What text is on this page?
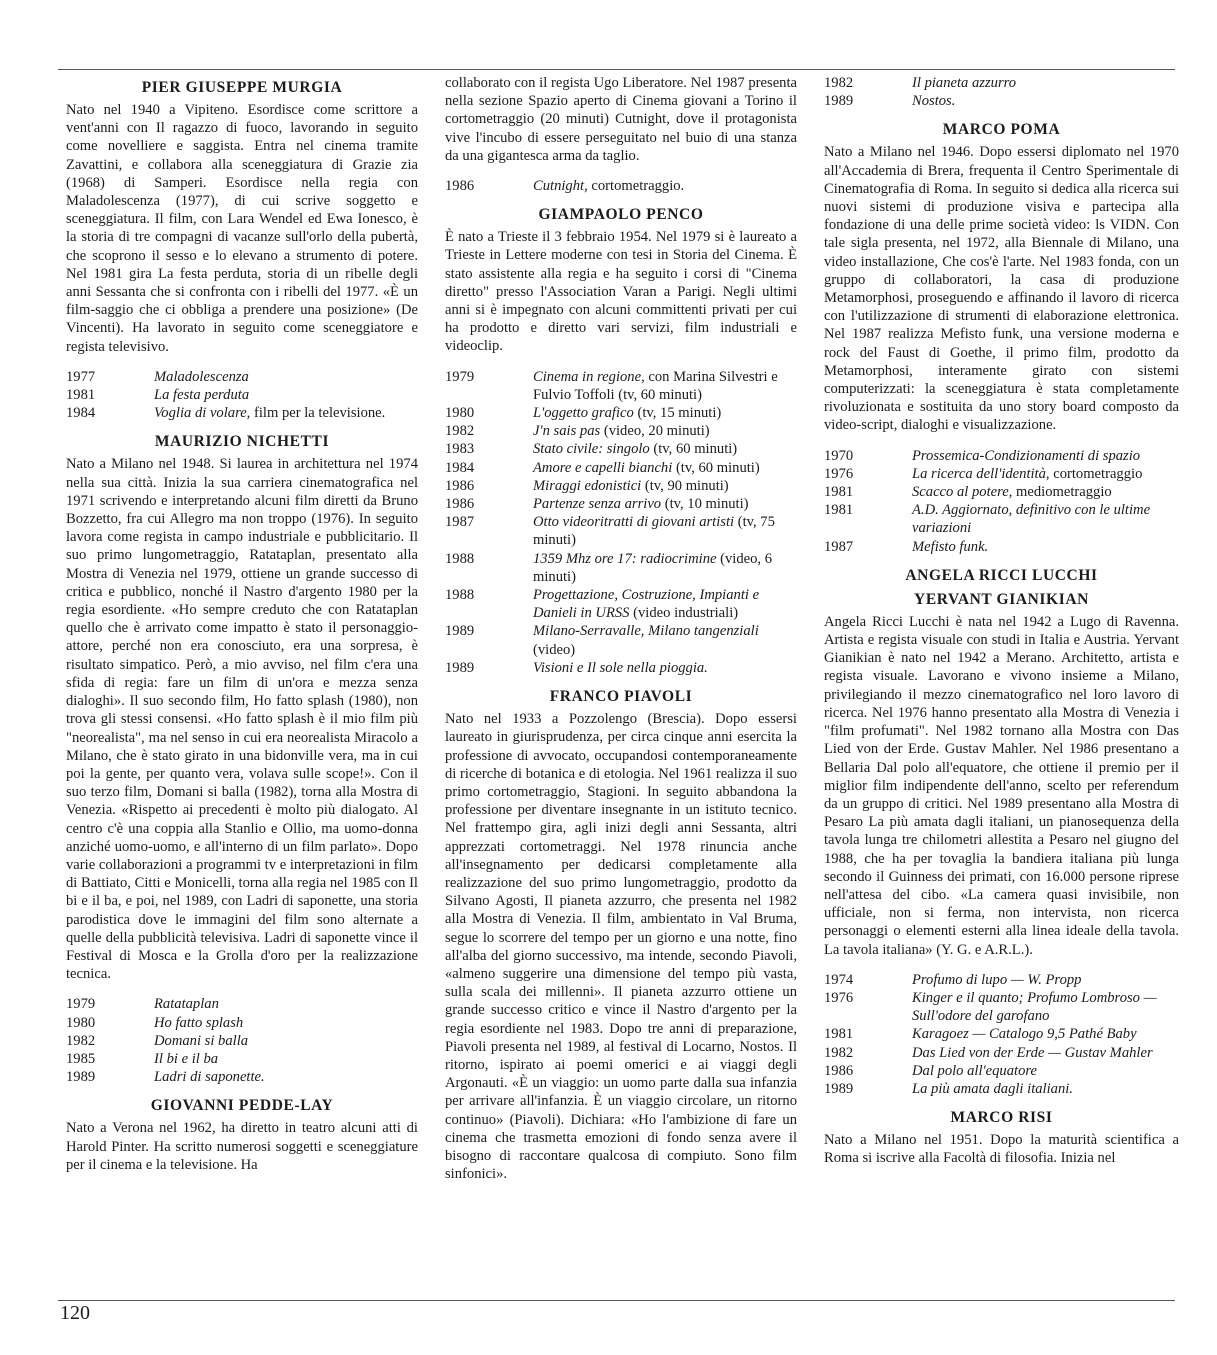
PIER GIUSEPPE MURGIA

Nato nel 1940 a Vipiteno. Esordisce come scrittore a vent'anni con Il ragazzo di fuoco, lavorando in seguito come novelliere e saggista. Entra nel cinema tramite Zavattini, e collabora alla sceneggiatura di Grazie zia (1968) di Samperi. Esordisce nella regia con Maladolescenza (1977), di cui scrive soggetto e sceneggiatura. Il film, con Lara Wendel ed Ewa Ionesco, è la storia di tre compagni di vacanze sull'orlo della pubertà, che scoprono il sesso e lo elevano a strumento di potere. Nel 1981 gira La festa perduta, storia di un ribelle degli anni Sessanta che si confronta con i ribelli del 1977. «È un film-saggio che ci obbliga a prendere una posizione» (De Vincenti). Ha lavorato in seguito come sceneggiatore e regista televisivo.

1977	Maladolescenza
1981	La festa perduta
1984	Voglia di volare, film per la televisione.
MAURIZIO NICHETTI

Nato a Milano nel 1948. Si laurea in architettura nel 1974 nella sua città. Inizia la sua carriera cinematografica nel 1971 scrivendo e interpretando alcuni film diretti da Bruno Bozzetto, fra cui Allegro ma non troppo (1976). In seguito lavora come regista in campo industriale e pubblicitario. Il suo primo lungometraggio, Ratataplan, presentato alla Mostra di Venezia nel 1979, ottiene un grande successo di critica e pubblico, nonché il Nastro d'argento 1980 per la regia esordiente. «Ho sempre creduto che con Ratataplan quello che è arrivato come impatto è stato il personaggio-attore, perché non era conosciuto, era una sorpresa, è risultato simpatico. Però, a mio avviso, nel film c'era una sfida di regia: fare un film di un'ora e mezza senza dialoghi». Il suo secondo film, Ho fatto splash (1980), non trova gli stessi consensi. «Ho fatto splash è il mio film più "neorealista", ma nel senso in cui era neorealista Miracolo a Milano, che è stato girato in una bidonville vera, ma in cui poi la gente, per quanto vera, volava sulle scope!». Con il suo terzo film, Domani si balla (1982), torna alla Mostra di Venezia. «Rispetto ai precedenti è molto più dialogato. Al centro c'è una coppia alla Stanlio e Ollio, ma uomo-donna anziché uomo-uomo, e all'interno di un film parlato». Dopo varie collaborazioni a programmi tv e interpretazioni in film di Battiato, Citti e Monicelli, torna alla regia nel 1985 con Il bi e il ba, e poi, nel 1989, con Ladri di saponette, una storia parodistica dove le immagini del film sono alternate a quelle della pubblicità televisiva. Ladri di saponette vince il Festival di Mosca e la Grolla d'oro per la realizzazione tecnica.

1979	Ratataplan
1980	Ho fatto splash
1982	Domani si balla
1985	Il bi e il ba
1989	Ladri di saponette.
GIOVANNI PEDDE-LAY

Nato a Verona nel 1962, ha diretto in teatro alcuni atti di Harold Pinter. Ha scritto numerosi soggetti e sceneggiature per il cinema e la televisione. Ha

collaborato con il regista Ugo Liberatore. Nel 1987 presenta nella sezione Spazio aperto di Cinema giovani a Torino il cortometraggio (20 minuti) Cutnight, dove il protagonista vive l'incubo di essere perseguitato nel buio di una stanza da una gigantesca arma da taglio.

1986	Cutnight, cortometraggio.
GIAMPAOLO PENCO

È nato a Trieste il 3 febbraio 1954. Nel 1979 si è laureato a Trieste in Lettere moderne con tesi in Storia del Cinema. È stato assistente alla regia e ha seguito i corsi di "Cinema diretto" presso l'Association Varan a Parigi. Negli ultimi anni si è impegnato con alcuni committenti privati per cui ha prodotto e diretto vari servizi, film industriali e videoclip.

1979	Cinema in regione, con Marina Silvestri e Fulvio Toffoli (tv, 60 minuti)
1980	L'oggetto grafico (tv, 15 minuti)
1982	J'n sais pas (video, 20 minuti)
1983	Stato civile: singolo (tv, 60 minuti)
1984	Amore e capelli bianchi (tv, 60 minuti)
1986	Miraggi edonistici (tv, 90 minuti)
1986	Partenze senza arrivo (tv, 10 minuti)
1987	Otto videoritratti di giovani artisti (tv, 75 minuti)
1988	1359 Mhz ore 17: radiocrimine (video, 6 minuti)
1988	Progettazione, Costruzione, Impianti e Danieli in URSS (video industriali)
1989	Milano-Serravalle, Milano tangenziali (video)
1989	Visioni e Il sole nella pioggia.
FRANCO PIAVOLI

Nato nel 1933 a Pozzolengo (Brescia). Dopo essersi laureato in giurisprudenza, per circa cinque anni esercita la professione di avvocato, occupandosi contemporaneamente di ricerche di botanica e di etologia. Nel 1961 realizza il suo primo cortometraggio, Stagioni. In seguito abbandona la professione per diventare insegnante in un istituto tecnico. Nel frattempo gira, agli inizi degli anni Sessanta, altri apprezzati cortometraggi. Nel 1978 rinuncia anche all'insegnamento per dedicarsi completamente alla realizzazione del suo primo lungometraggio, prodotto da Silvano Agosti, Il pianeta azzurro, che presenta nel 1982 alla Mostra di Venezia. Il film, ambientato in Val Bruma, segue lo scorrere del tempo per un giorno e una notte, fino all'alba del giorno successivo, ma intende, secondo Piavoli, «almeno suggerire una dimensione del tempo più vasta, sulla scala dei millenni». Il pianeta azzurro ottiene un grande successo critico e vince il Nastro d'argento per la regia esordiente nel 1983. Dopo tre anni di preparazione, Piavoli presenta nel 1989, al festival di Locarno, Nostos. Il ritorno, ispirato ai poemi omerici e ai viaggi degli Argonauti. «È un viaggio: un uomo parte dalla sua infanzia per arrivare all'infanzia. È un viaggio circolare, un ritorno continuo» (Piavoli). Dichiara: «Ho l'ambizione di fare un cinema che trasmetta emozioni di fondo senza avere il bisogno di raccontare qualcosa di compiuto. Sono film sinfonici».

1982	Il pianeta azzurro
1989	Nostos.
MARCO POMA

Nato a Milano nel 1946. Dopo essersi diplomato nel 1970 all'Accademia di Brera, frequenta il Centro Sperimentale di Cinematografia di Roma. In seguito si dedica alla ricerca sui nuovi sistemi di produzione visiva e partecipa alla fondazione di una delle prime società video: ls VIDN. Con tale sigla presenta, nel 1972, alla Biennale di Milano, una video installazione, Che cos'è l'arte. Nel 1983 fonda, con un gruppo di collaboratori, la casa di produzione Metamorphosi, proseguendo e affinando il lavoro di ricerca con l'utilizzazione di strumenti di elaborazione elettronica. Nel 1987 realizza Mefisto funk, una versione moderna e rock del Faust di Goethe, il primo film, prodotto da Metamorphosi, interamente girato con sistemi computerizzati: la sceneggiatura è stata completamente rivoluzionata e sostituita da uno story board composto da video-script, dialoghi e visualizzazione.

1970	Prossemica-Condizionamenti di spazio
1976	La ricerca dell'identità, cortometraggio
1981	Scacco al potere, mediometraggio
1981	A.D. Aggiornato, definitivo con le ultime variazioni
1987	Mefisto funk.
ANGELA RICCI LUCCHI
YERVANT GIANIKIAN

Angela Ricci Lucchi è nata nel 1942 a Lugo di Ravenna. Artista e regista visuale con studi in Italia e Austria. Yervant Gianikian è nato nel 1942 a Merano. Architetto, artista e regista visuale. Lavorano e vivono insieme a Milano, privilegiando il mezzo cinematografico nel loro lavoro di ricerca. Nel 1976 hanno presentato alla Mostra di Venezia i "film profumati". Nel 1982 tornano alla Mostra con Das Lied von der Erde. Gustav Mahler. Nel 1986 presentano a Bellaria Dal polo all'equatore, che ottiene il premio per il miglior film indipendente dell'anno, scelto per referendum da un gruppo di critici. Nel 1989 presentano alla Mostra di Pesaro La più amata dagli italiani, un pianosequenza della tavola lunga tre chilometri allestita a Pesaro nel giugno del 1988, che ha per tovaglia la bandiera italiana più lunga secondo il Guinness dei primati, con 16.000 persone riprese nell'attesa del cibo. «La camera quasi invisibile, non ufficiale, non si ferma, non intervista, non ricerca personaggi o elementi esterni alla linea ideale della tavola. La tavola italiana» (Y. G. e A.R.L.).

1974	Profumo di lupo — W. Propp
1976	Kinger e il quanto; Profumo Lombroso — Sull'odore del garofano
1981	Karagoez — Catalogo 9,5 Pathé Baby
1982	Das Lied von der Erde — Gustav Mahler
1986	Dal polo all'equatore
1989	La più amata dagli italiani.
MARCO RISI

Nato a Milano nel 1951. Dopo la maturità scientifica a Roma si iscrive alla Facoltà di filosofia. Inizia nel

120
